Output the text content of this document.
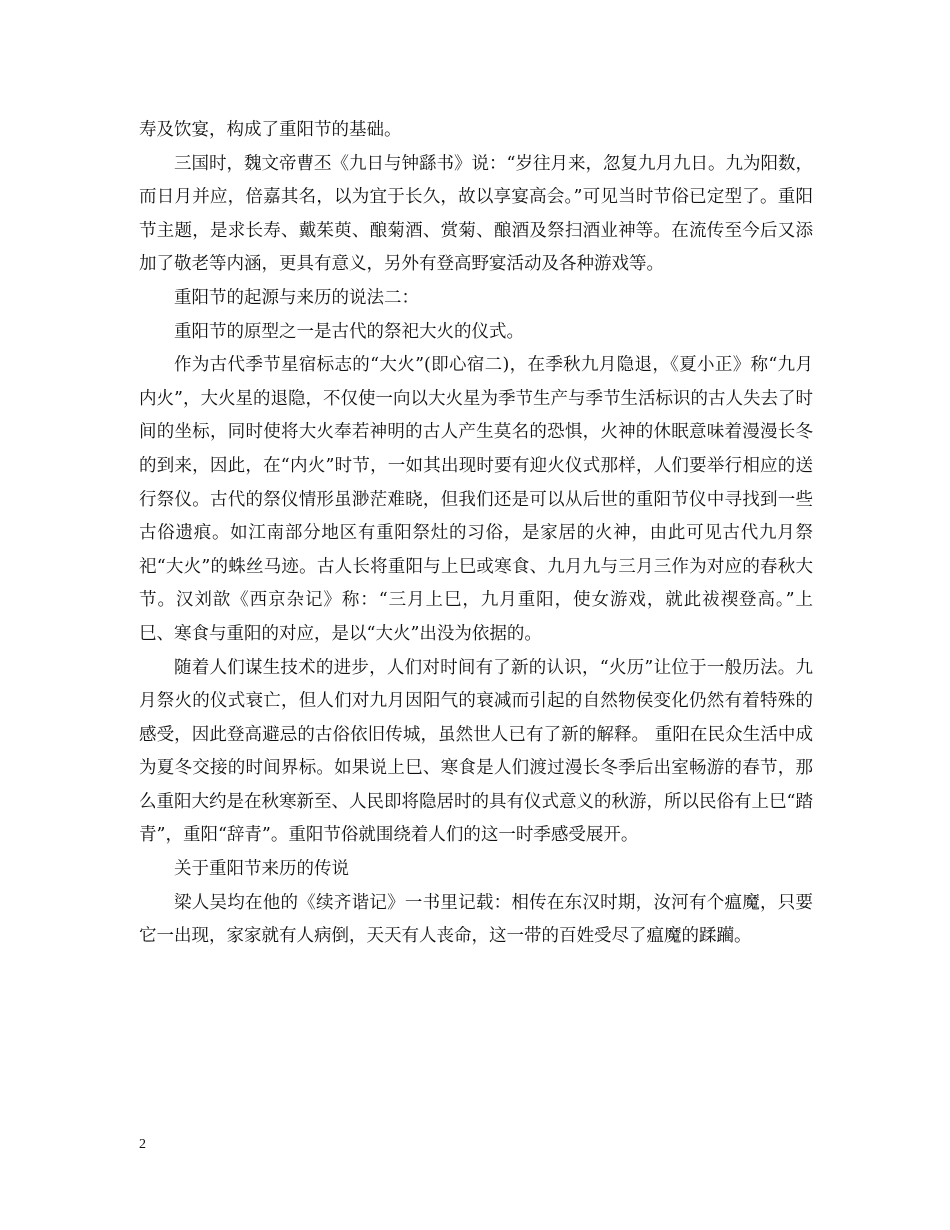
寿及饮宴，构成了重阳节的基础。

三国时，魏文帝曹丕《九日与钟繇书》说：“岁往月来，忽复九月九日。九为阳数，而日月并应，倍嘉其名，以为宜于长久，故以享宴高会。”可见当时节俗已定型了。重阳节主题，是求长寿、戴茱萸、酿菊酒、赏菊、酿酒及祭扫酒业神等。在流传至今后又添加了敬老等内涵，更具有意义，另外有登高野宴活动及各种游戏等。

重阳节的起源与来历的说法二：

重阳节的原型之一是古代的祭祀大火的仪式。

作为古代季节星宿标志的“大火”(即心宿二)，在季秋九月隐退，《夏小正》称“九月内火”，大火星的退隐，不仅使一向以大火星为季节生产与季节生活标识的古人失去了时间的坐标，同时使将大火奉若神明的古人产生莫名的恐惧，火神的休眠意味着漫漫长冬的到来，因此，在“内火”时节，一如其出现时要有迎火仪式那样，人们要举行相应的送行祭仪。古代的祭仪情形虽渺茫难晓，但我们还是可以从后世的重阳节仪中寻找到一些古俗遗痕。如江南部分地区有重阳祭灶的习俗，是家居的火神，由此可见古代九月祭祀“大火”的蛛丝马迹。古人长将重阳与上巳或寒食、九月九与三月三作为对应的春秋大节。汉刘歆《西京杂记》称：“三月上巳，九月重阳，使女游戏，就此祓禊登高。”上巳、寒食与重阳的对应，是以“大火”出没为依据的。

随着人们谋生技术的进步，人们对时间有了新的认识，“火历”让位于一般历法。九月祭火的仪式衰亡，但人们对九月因阳气的衰减而引起的自然物侯变化仍然有着特殊的感受，因此登高避忌的古俗依旧传城，虽然世人已有了新的解释。 重阳在民众生活中成为夏冬交接的时间界标。如果说上巳、寒食是人们渡过漫长冬季后出室畅游的春节，那么重阳大约是在秋寒新至、人民即将隐居时的具有仪式意义的秋游，所以民俗有上巳“踏青”，重阳“辞青”。重阳节俗就围绕着人们的这一时季感受展开。

关于重阳节来历的传说

梁人吴均在他的《续齐谐记》一书里记载：相传在东汉时期，汝河有个瘟魔，只要它一出现，家家就有人病倒，天天有人丧命，这一带的百姓受尽了瘟魔的蹂躏。

2
